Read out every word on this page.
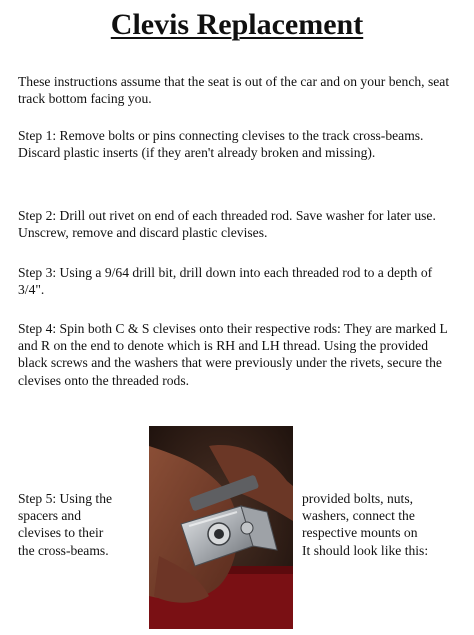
Clevis Replacement
These instructions assume that the seat is out of the car and on your bench, seat track bottom facing you.
Step 1: Remove bolts or pins connecting clevises to the track cross-beams. Discard plastic inserts (if they aren't already broken and missing).
Step 2: Drill out rivet on end of each threaded rod. Save washer for later use. Unscrew, remove and discard plastic clevises.
Step 3: Using a 9/64 drill bit, drill down into each threaded rod to a depth of 3/4".
Step 4: Spin both C & S clevises onto their respective rods: They are marked L and R on the end to denote which is RH and LH thread. Using the provided black screws and the washers that were previously under the rivets, secure the clevises onto the threaded rods.
Step 5: Using the
spacers and
clevises to their
the cross-beams.
provided bolts, nuts,
washers, connect the
respective mounts on
It should look like this:
